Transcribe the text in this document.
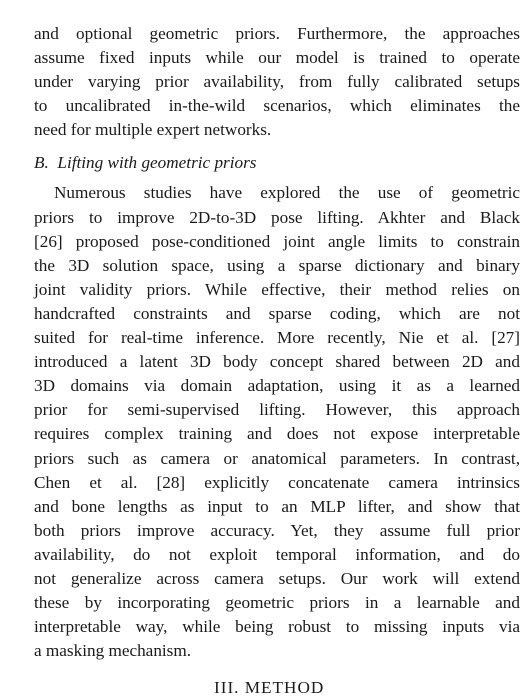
and optional geometric priors. Furthermore, the approaches
assume fixed inputs while our model is trained to operate
under varying prior availability, from fully calibrated setups
to uncalibrated in-the-wild scenarios, which eliminates the
need for multiple expert networks.

B. Lifting with geometric priors

Numerous studies have explored the use of geometric
priors to improve 2D-to-3D pose lifting. Akhter and Black
[26] proposed pose-conditioned joint angle limits to constrain
the 3D solution space, using a sparse dictionary and binary
joint validity priors. While effective, their method relies on
handcrafted constraints and sparse coding, which are not
suited for real-time inference. More recently, Nie et al. [27]
introduced a latent 3D body concept shared between 2D and
3D domains via domain adaptation, using it as a learned
prior for semi-supervised lifting. However, this approach
requires complex training and does not expose interpretable
priors such as camera or anatomical parameters. In contrast,
Chen et al. [28] explicitly concatenate camera intrinsics
and bone lengths as input to an MLP lifter, and show that
both priors improve accuracy. Yet, they assume full prior
availability, do not exploit temporal information, and do
not generalize across camera setups. Our work will extend
these by incorporating geometric priors in a learnable and
interpretable way, while being robust to missing inputs via
a masking mechanism.

III. METHOD
